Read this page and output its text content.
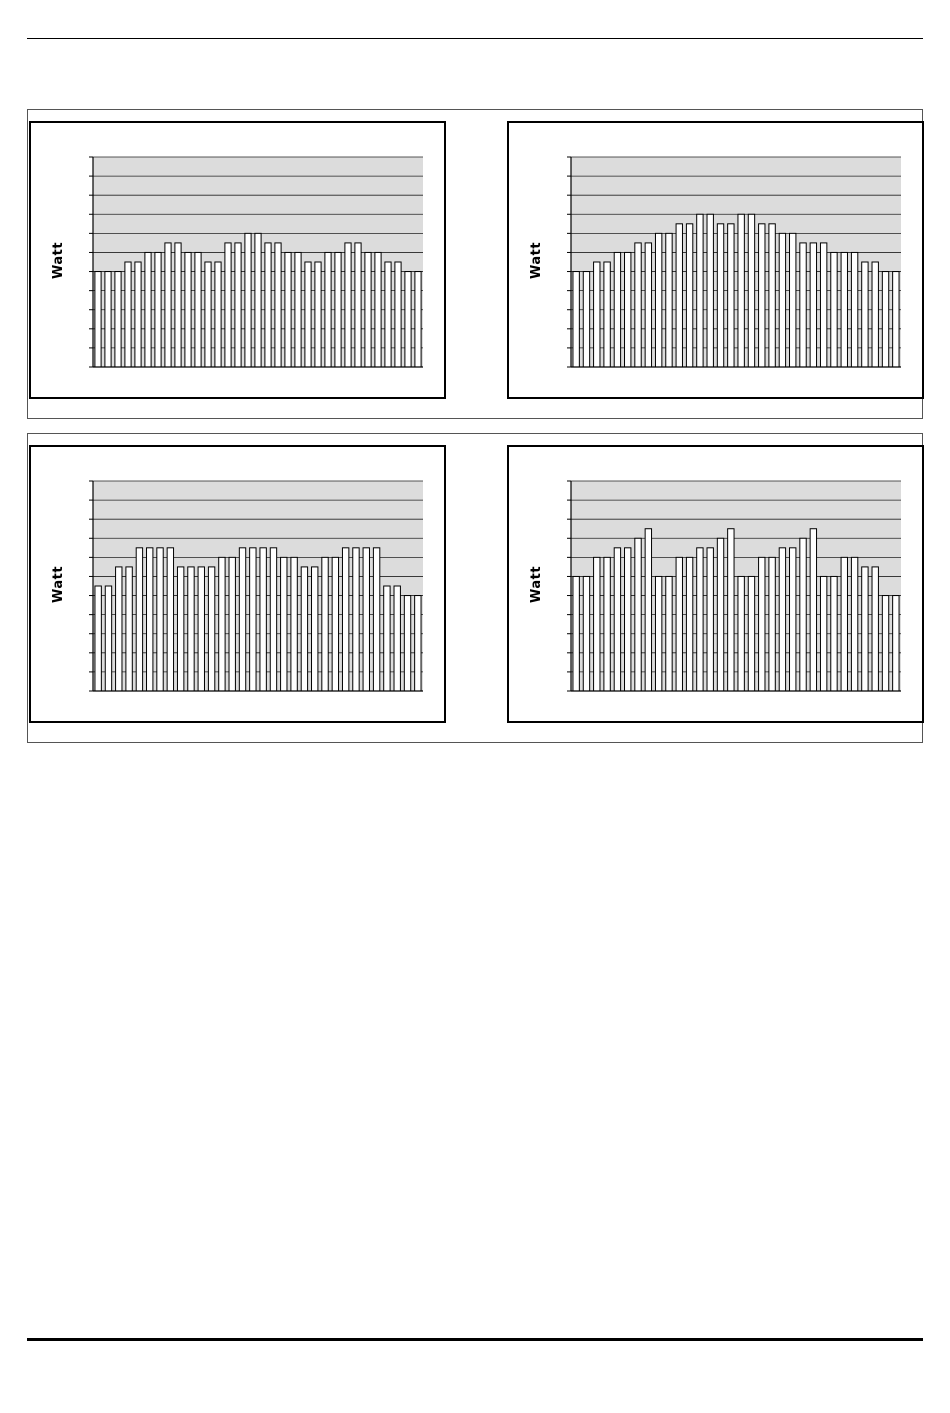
Watt	Watt
Watt	Watt
